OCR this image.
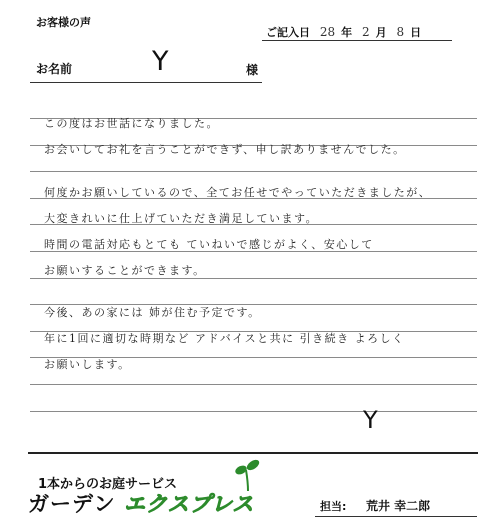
お客様の声
ご記入日 28 年 2 月 8 日
お名前	Y	様
この度はお世話になりました。
お会いしてお礼を言うことができず、申し訳ありませんでした。
何度かお願いしているので、全てお任せでやっていただきましたが、
大変きれいに仕上げていただき満足しています。
時間の電話対応もとても ていねいで感じがよく、安心して
お願いすることができます。
今後、あの家には 姉が住む予定です。
年に1回に適切な時期など アドバイスと共に 引き続き よろしく
お願いします。
Y
1本からのお庭サービス
ガーデン エクスプレス	担当: 荒井 幸二郎
